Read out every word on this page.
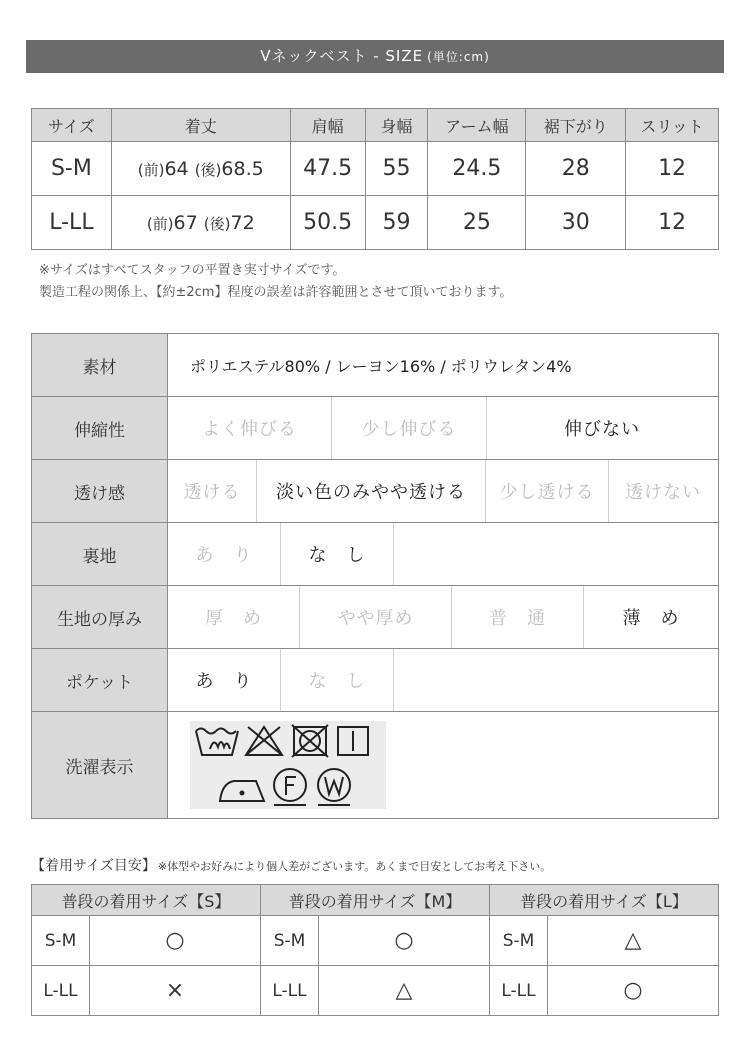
Vネックベスト - SIZE (単位:cm)
サイズ	着丈	肩幅	身幅	アーム幅	裾下がり	スリット
S-M	(前)64 (後)68.5	47.5	55	24.5	28	12
L-LL	(前)67 (後)72	50.5	59	25	30	12
※サイズはすべてスタッフの平置き実寸サイズです。
製造工程の関係上、【約±2cm】程度の誤差は許容範囲とさせて頂いております。
素材	ポリエステル80% / レーヨン16% / ポリウレタン4%

伸縮性	よく伸びる 少し伸びる 伸びない

透け感	透ける 淡い色のみやや透ける 少し透ける 透けない

裏地	あ　り な　し

生地の厚み	厚　め やや厚め 普　通 薄　め

ポケット	あ　り な　し

洗濯表示	
【着用サイズ目安】 ※体型やお好みにより個人差がございます。あくまで目安としてお考え下さい。
普段の着用サイズ【S】		普段の着用サイズ【M】		普段の着用サイズ【L】	
S-M	○	S-M	○	S-M	△
L-LL	×	L-LL	△	L-LL	○
